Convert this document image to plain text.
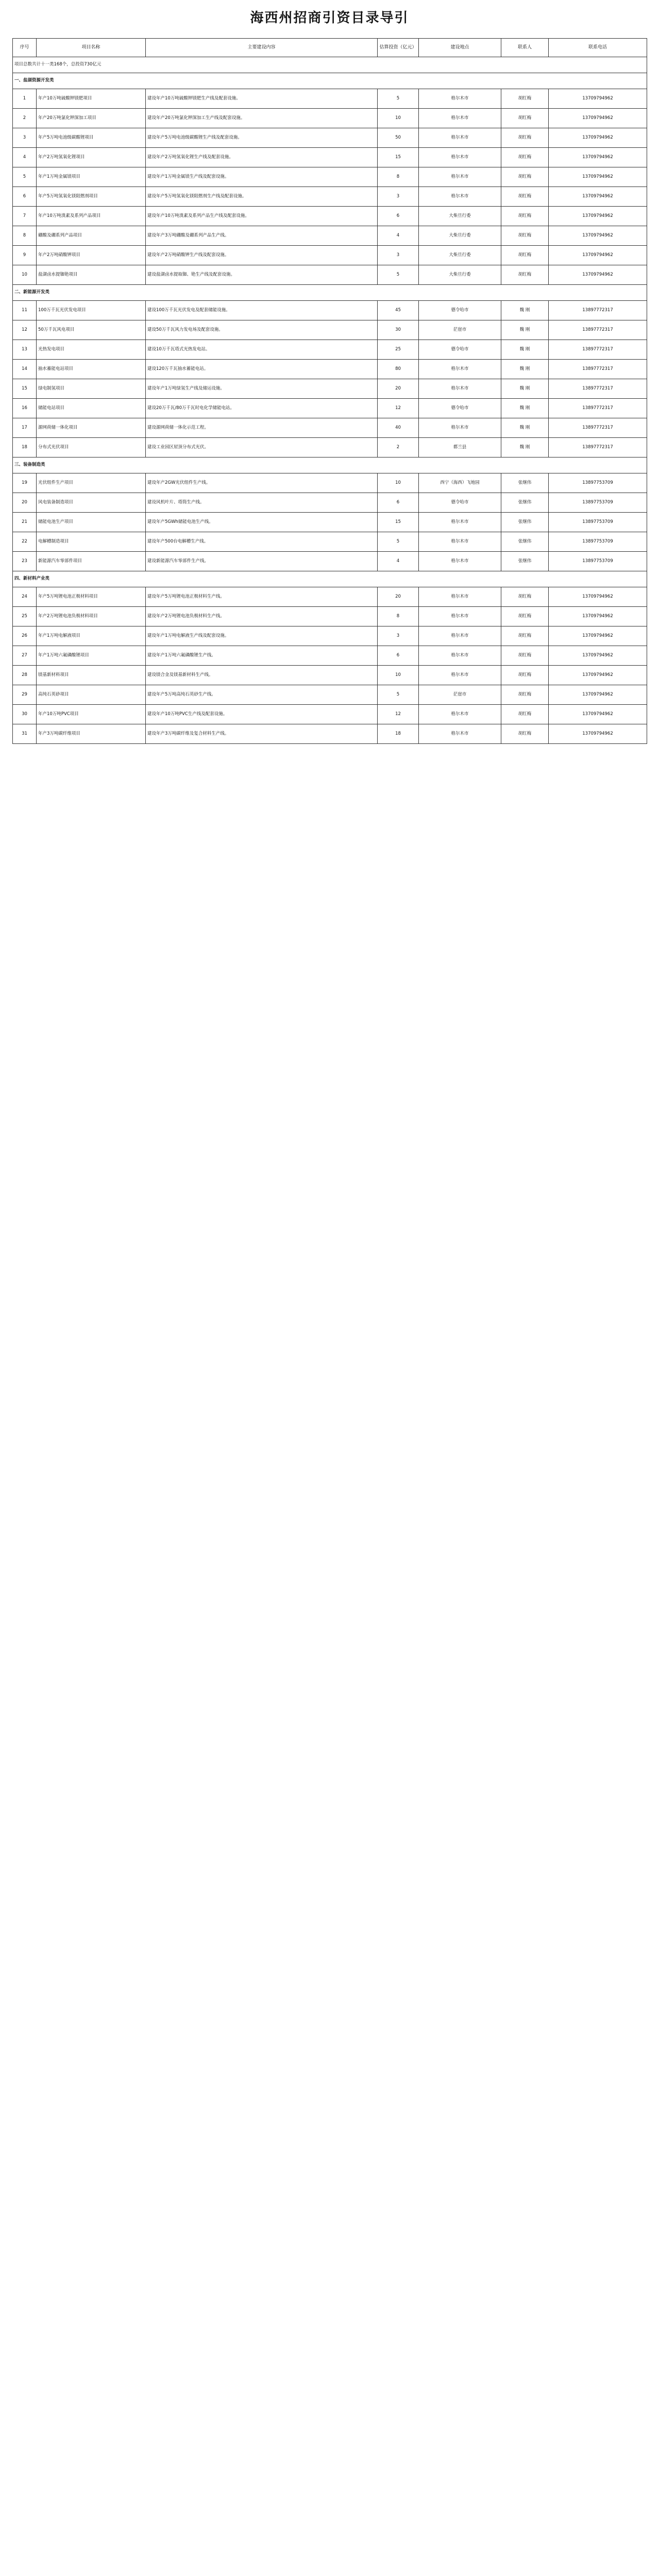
海西州招商引资目录导引
序号	项目名称	主要建设内容	估算投资（亿元）	建设地点	联系人	联系电话
项目总数共计十一类168个，总投资730亿元						
一、盐湖资源开发类						
1	年产10万吨硫酸钾镁肥项目	建设年产10万吨硫酸钾镁肥生产线及配套设施。	5	格尔木市	胡红梅	13709794962
2	年产20万吨氯化钾深加工项目	建设年产20万吨氯化钾深加工生产线及配套设施。	10	格尔木市	胡红梅	13709794962
3	年产5万吨电池级碳酸锂项目	建设年产5万吨电池级碳酸锂生产线及配套设施。	50	格尔木市	胡红梅	13709794962
4	年产2万吨氢氧化锂项目	建设年产2万吨氢氧化锂生产线及配套设施。	15	格尔木市	胡红梅	13709794962
5	年产1万吨金属镁项目	建设年产1万吨金属镁生产线及配套设施。	8	格尔木市	胡红梅	13709794962
6	年产5万吨氢氧化镁阻燃剂项目	建设年产5万吨氢氧化镁阻燃剂生产线及配套设施。	3	格尔木市	胡红梅	13709794962
7	年产10万吨溴素及系列产品项目	建设年产10万吨溴素及系列产品生产线及配套设施。	6	大柴旦行委	胡红梅	13709794962
8	硼酸及硼系列产品项目	建设年产3万吨硼酸及硼系列产品生产线。	4	大柴旦行委	胡红梅	13709794962
9	年产2万吨硝酸钾项目	建设年产2万吨硝酸钾生产线及配套设施。	3	大柴旦行委	胡红梅	13709794962
10	盐湖卤水提铷铯项目	建设盐湖卤水提取铷、铯生产线及配套设施。	5	大柴旦行委	胡红梅	13709794962
二、新能源开发类						
11	100万千瓦光伏发电项目	建设100万千瓦光伏发电及配套储能设施。	45	德令哈市	魏 刚	13897772317
12	50万千瓦风电项目	建设50万千瓦风力发电场及配套设施。	30	茫崖市	魏 刚	13897772317
13	光热发电项目	建设10万千瓦塔式光热发电站。	25	德令哈市	魏 刚	13897772317
14	抽水蓄能电站项目	建设120万千瓦抽水蓄能电站。	80	格尔木市	魏 刚	13897772317
15	绿电制氢项目	建设年产1万吨绿氢生产线及储运设施。	20	格尔木市	魏 刚	13897772317
16	储能电站项目	建设20万千瓦/80万千瓦时电化学储能电站。	12	德令哈市	魏 刚	13897772317
17	源网荷储一体化项目	建设源网荷储一体化示范工程。	40	格尔木市	魏 刚	13897772317
18	分布式光伏项目	建设工业园区屋顶分布式光伏。	2	都兰县	魏 刚	13897772317
三、装备制造类						
19	光伏组件生产项目	建设年产2GW光伏组件生产线。	10	西宁（海西）飞地园	张继伟	13897753709
20	风电装备制造项目	建设风机叶片、塔筒生产线。	6	德令哈市	张继伟	13897753709
21	储能电池生产项目	建设年产5GWh储能电池生产线。	15	格尔木市	张继伟	13897753709
22	电解槽制造项目	建设年产500台电解槽生产线。	5	格尔木市	张继伟	13897753709
23	新能源汽车零部件项目	建设新能源汽车零部件生产线。	4	格尔木市	张继伟	13897753709
四、新材料产业类						
24	年产5万吨锂电池正极材料项目	建设年产5万吨锂电池正极材料生产线。	20	格尔木市	胡红梅	13709794962
25	年产2万吨锂电池负极材料项目	建设年产2万吨锂电池负极材料生产线。	8	格尔木市	胡红梅	13709794962
26	年产1万吨电解液项目	建设年产1万吨电解液生产线及配套设施。	3	格尔木市	胡红梅	13709794962
27	年产1万吨六氟磷酸锂项目	建设年产1万吨六氟磷酸锂生产线。	6	格尔木市	胡红梅	13709794962
28	镁基新材料项目	建设镁合金及镁基新材料生产线。	10	格尔木市	胡红梅	13709794962
29	高纯石英砂项目	建设年产5万吨高纯石英砂生产线。	5	茫崖市	胡红梅	13709794962
30	年产10万吨PVC项目	建设年产10万吨PVC生产线及配套设施。	12	格尔木市	胡红梅	13709794962
31	年产3万吨碳纤维项目	建设年产3万吨碳纤维及复合材料生产线。	18	格尔木市	胡红梅	13709794962
